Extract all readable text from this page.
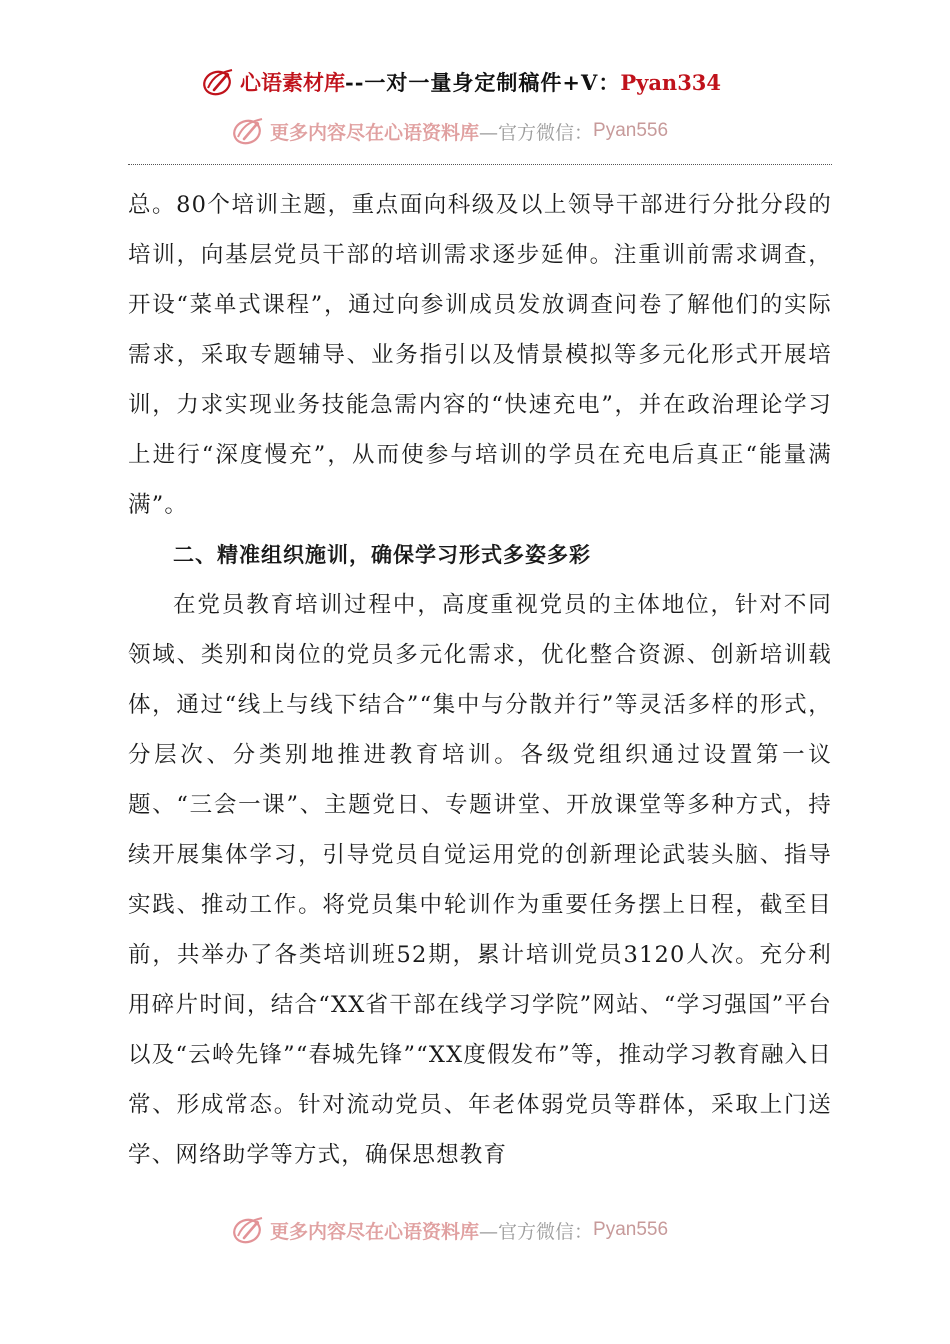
心语素材库 --一对一量身定制稿件+V： Pyan334
更多内容尽在心语资料库 —官方微信： Pyan556

总。80个培训主题，重点面向科级及以上领导干部进行分批分段的培训，向基层党员干部的培训需求逐步延伸。注重训前需求调查，开设“菜单式课程”，通过向参训成员发放调查问卷了解他们的实际需求，采取专题辅导、业务指引以及情景模拟等多元化形式开展培训，力求实现业务技能急需内容的“快速充电”，并在政治理论学习上进行“深度慢充”，从而使参与培训的学员在充电后真正“能量满满”。

二、精准组织施训，确保学习形式多姿多彩

在党员教育培训过程中，高度重视党员的主体地位，针对不同领域、类别和岗位的党员多元化需求，优化整合资源、创新培训载体，通过“线上与线下结合”“集中与分散并行”等灵活多样的形式，分层次、分类别地推进教育培训。各级党组织通过设置第一议题、“三会一课”、主题党日、专题讲堂、开放课堂等多种方式，持续开展集体学习，引导党员自觉运用党的创新理论武装头脑、指导实践、推动工作。将党员集中轮训作为重要任务摆上日程，截至目前，共举办了各类培训班52期，累计培训党员3120人次。充分利用碎片时间，结合“XX省干部在线学习学院”网站、“学习强国”平台以及“云岭先锋”“春城先锋”“XX度假发布”等，推动学习教育融入日常、形成常态。针对流动党员、年老体弱党员等群体，采取上门送学、网络助学等方式，确保思想教育

更多内容尽在心语资料库 —官方微信： Pyan556
